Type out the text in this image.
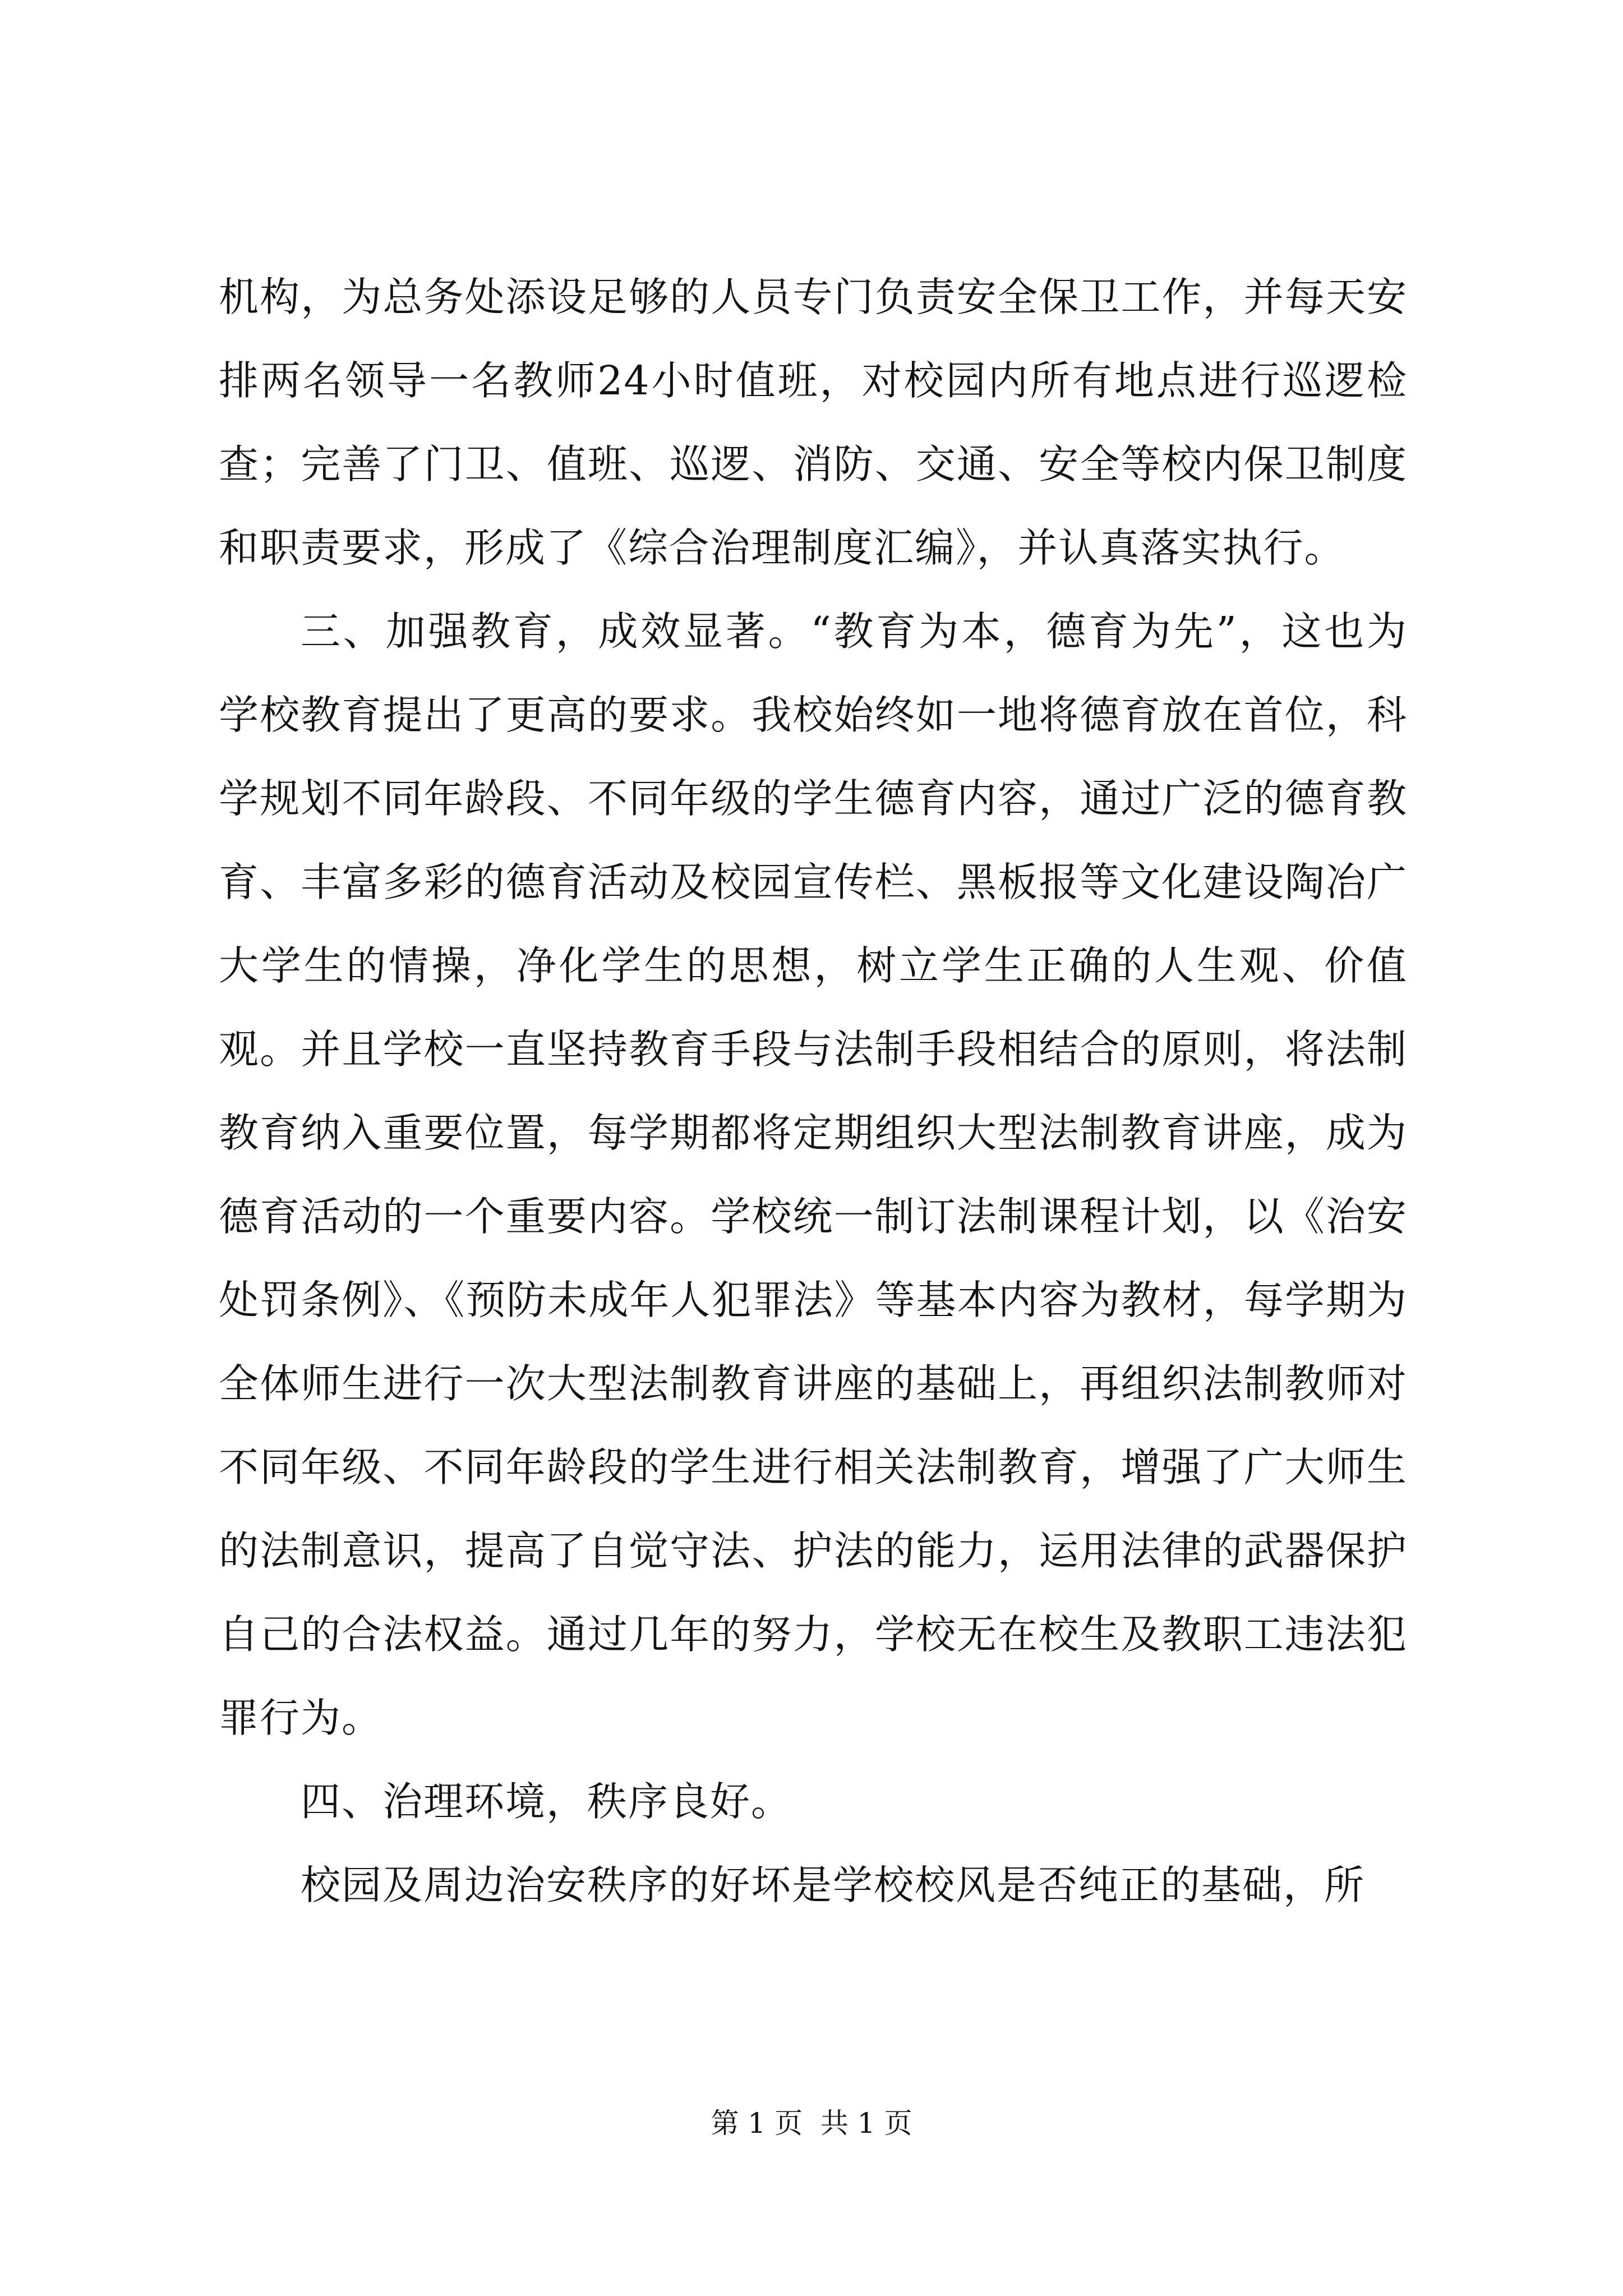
机构，为总务处添设足够的人员专门负责安全保卫工作，并每天安排两名领导一名教师24小时值班，对校园内所有地点进行巡逻检查；完善了门卫、值班、巡逻、消防、交通、安全等校内保卫制度和职责要求，形成了《综合治理制度汇编》，并认真落实执行。

三、加强教育，成效显著。“教育为本，德育为先”，这也为学校教育提出了更高的要求。我校始终如一地将德育放在首位，科学规划不同年龄段、不同年级的学生德育内容，通过广泛的德育教育、丰富多彩的德育活动及校园宣传栏、黑板报等文化建设陶冶广大学生的情操，净化学生的思想，树立学生正确的人生观、价值观。并且学校一直坚持教育手段与法制手段相结合的原则，将法制教育纳入重要位置，每学期都将定期组织大型法制教育讲座，成为德育活动的一个重要内容。学校统一制订法制课程计划，以《治安处罚条例》、《预防未成年人犯罪法》等基本内容为教材，每学期为全体师生进行一次大型法制教育讲座的基础上，再组织法制教师对不同年级、不同年龄段的学生进行相关法制教育，增强了广大师生的法制意识，提高了自觉守法、护法的能力，运用法律的武器保护自己的合法权益。通过几年的努力，学校无在校生及教职工违法犯罪行为。

四、治理环境，秩序良好。

校园及周边治安秩序的好坏是学校校风是否纯正的基础，所

第 1 页  共 1 页
